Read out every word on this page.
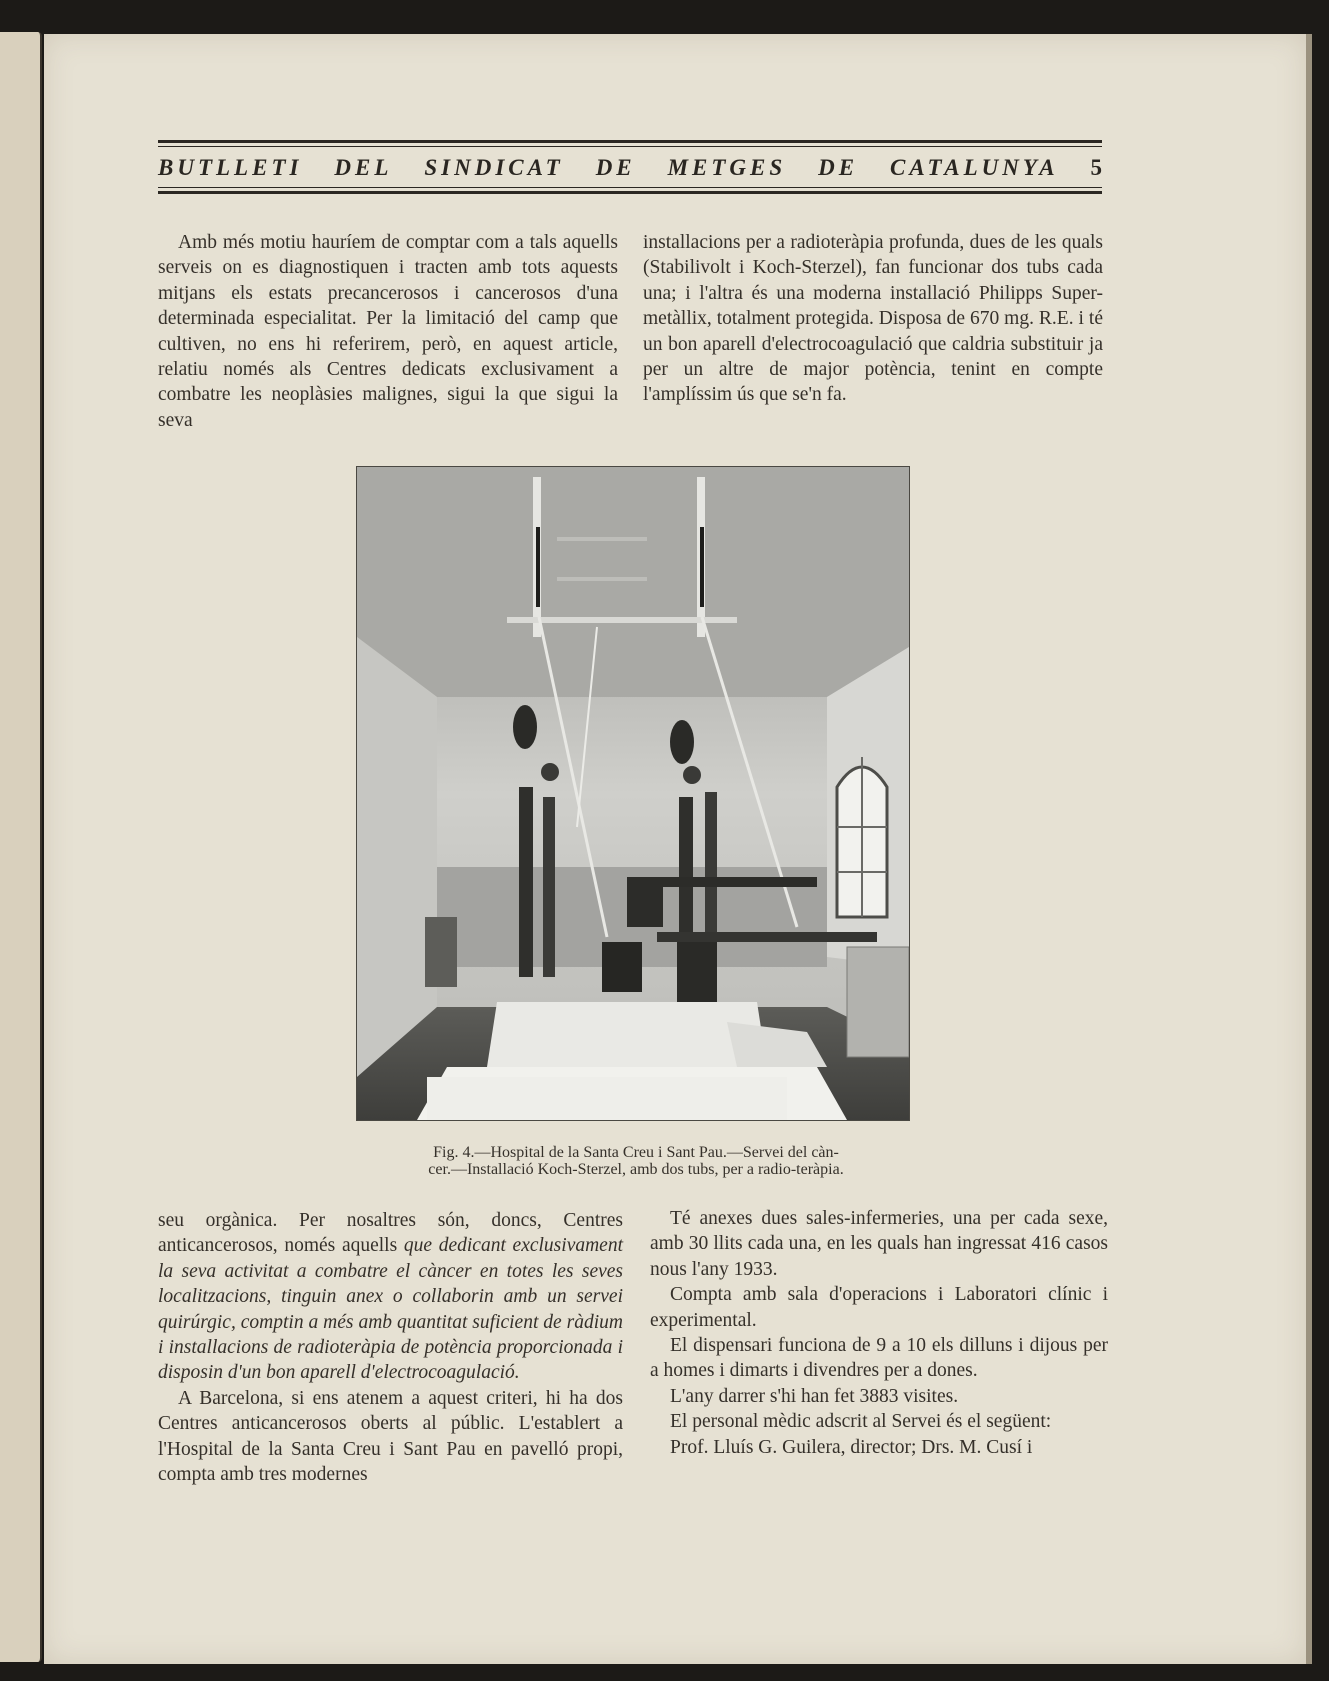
BUTLLETI DEL SINDICAT DE METGES DE CATALUNYA 5

Amb més motiu hauríem de comptar com a tals aquells serveis on es diagnostiquen i tracten amb tots aquests mitjans els estats precancerosos i cancerosos d'una determinada especialitat. Per la limitació del camp que cultiven, no ens hi referirem, però, en aquest article, relatiu només als Centres dedicats exclusivament a combatre les neoplàsies malignes, sigui la que sigui la seva

installacions per a radioteràpia profunda, dues de les quals (Stabilivolt i Koch-Sterzel), fan funcionar dos tubs cada una; i l'altra és una moderna installació Philipps Super-metàllix, totalment protegida. Disposa de 670 mg. R.E. i té un bon aparell d'electrocoagulació que caldria substituir ja per un altre de major potència, tenint en compte l'amplíssim ús que se'n fa.

Fig. 4.—Hospital de la Santa Creu i Sant Pau.—Servei del càn-
cer.—Installació Koch-Sterzel, amb dos tubs, per a radio-teràpia.

seu orgànica. Per nosaltres són, doncs, Centres anticancerosos, només aquells que dedicant exclusivament la seva activitat a combatre el càncer en totes les seves localitzacions, tinguin anex o collaborin amb un servei quirúrgic, comptin a més amb quantitat suficient de ràdium i installacions de radioteràpia de potència proporcionada i disposin d'un bon aparell d'electrocoagulació.

A Barcelona, si ens atenem a aquest criteri, hi ha dos Centres anticancerosos oberts al públic. L'establert a l'Hospital de la Santa Creu i Sant Pau en pavelló propi, compta amb tres modernes

Té anexes dues sales-infermeries, una per cada sexe, amb 30 llits cada una, en les quals han ingressat 416 casos nous l'any 1933.

Compta amb sala d'operacions i Laboratori clínic i experimental.

El dispensari funciona de 9 a 10 els dilluns i dijous per a homes i dimarts i divendres per a dones.

L'any darrer s'hi han fet 3883 visites.

El personal mèdic adscrit al Servei és el següent:

Prof. Lluís G. Guilera, director; Drs. M. Cusí i
